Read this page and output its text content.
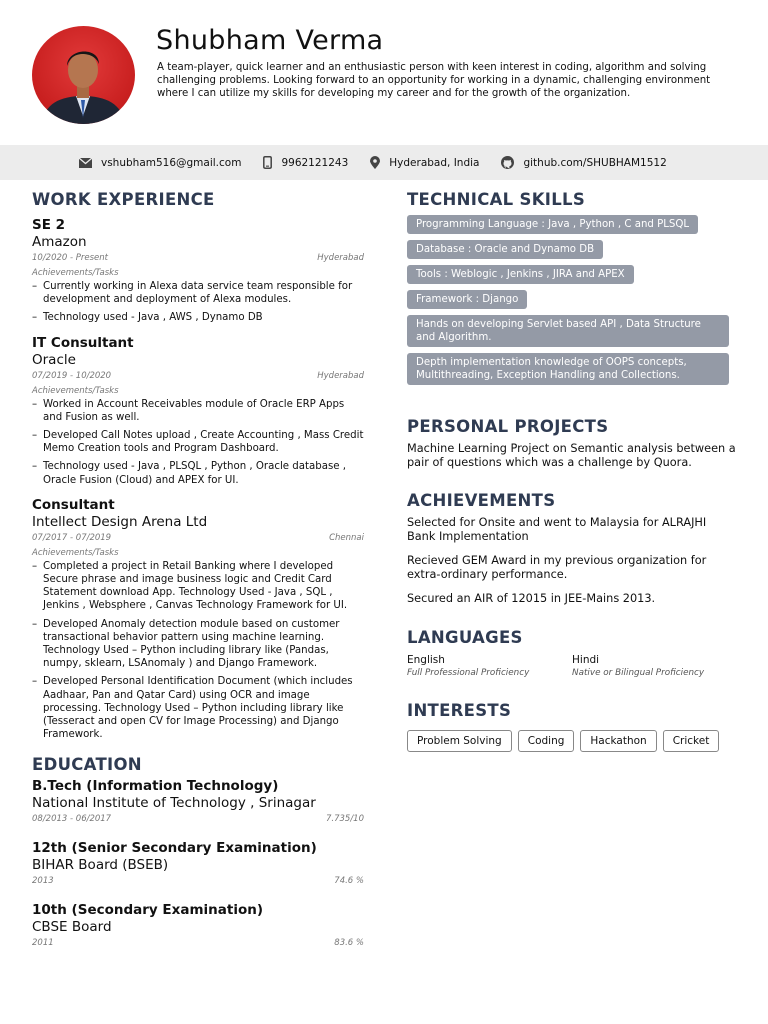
Shubham Verma
A team-player, quick learner and an enthusiastic person with keen interest in coding, algorithm and solving challenging problems. Looking forward to an opportunity for working in a dynamic, challenging environment where I can utilize my skills for developing my career and for the growth of the organization.
vshubham516@gmail.com	9962121243	Hyderabad, India	github.com/SHUBHAM1512
WORK EXPERIENCE
SE 2
Amazon
10/2020 - Present	Hyderabad
Achievements/Tasks
– Currently working in Alexa data service team responsible for development and deployment of Alexa modules.
– Technology used - Java , AWS , Dynamo DB
IT Consultant
Oracle
07/2019 - 10/2020	Hyderabad
Achievements/Tasks
– Worked in Account Receivables module of Oracle ERP Apps and Fusion as well.
– Developed Call Notes upload , Create Accounting , Mass Credit Memo Creation tools and Program Dashboard.
– Technology used - Java , PLSQL , Python , Oracle database , Oracle Fusion (Cloud) and APEX for UI.
Consultant
Intellect Design Arena Ltd
07/2017 - 07/2019	Chennai
Achievements/Tasks
– Completed a project in Retail Banking where I developed Secure phrase and image business logic and Credit Card Statement download App. Technology Used - Java , SQL , Jenkins , Websphere , Canvas Technology Framework for UI.
– Developed Anomaly detection module based on customer transactional behavior pattern using machine learning. Technology Used – Python including library like (Pandas, numpy, sklearn, LSAnomaly ) and Django Framework.
– Developed Personal Identification Document (which includes Aadhaar, Pan and Qatar Card) using OCR and image processing. Technology Used – Python including library like (Tesseract and open CV for Image Processing) and Django Framework.
EDUCATION
B.Tech (Information Technology)
National Institute of Technology , Srinagar
08/2013 - 06/2017	7.735/10
12th (Senior Secondary Examination)
BIHAR Board (BSEB)
2013	74.6 %
10th (Secondary Examination)
CBSE Board
2011	83.6 %
TECHNICAL SKILLS
Programming Language : Java , Python , C and PLSQL
Database : Oracle and Dynamo DB
Tools : Weblogic , Jenkins , JIRA and APEX
Framework : Django
Hands on developing Servlet based API , Data Structure and Algorithm.
Depth implementation knowledge of OOPS concepts, Multithreading, Exception Handling and Collections.
PERSONAL PROJECTS
Machine Learning Project on Semantic analysis between a pair of questions which was a challenge by Quora.
ACHIEVEMENTS
Selected for Onsite and went to Malaysia for ALRAJHI Bank Implementation
Recieved GEM Award in my previous organization for extra-ordinary performance.
Secured an AIR of 12015 in JEE-Mains 2013.
LANGUAGES
English
Full Professional Proficiency
Hindi
Native or Bilingual Proficiency
INTERESTS
Problem Solving	Coding	Hackathon	Cricket
